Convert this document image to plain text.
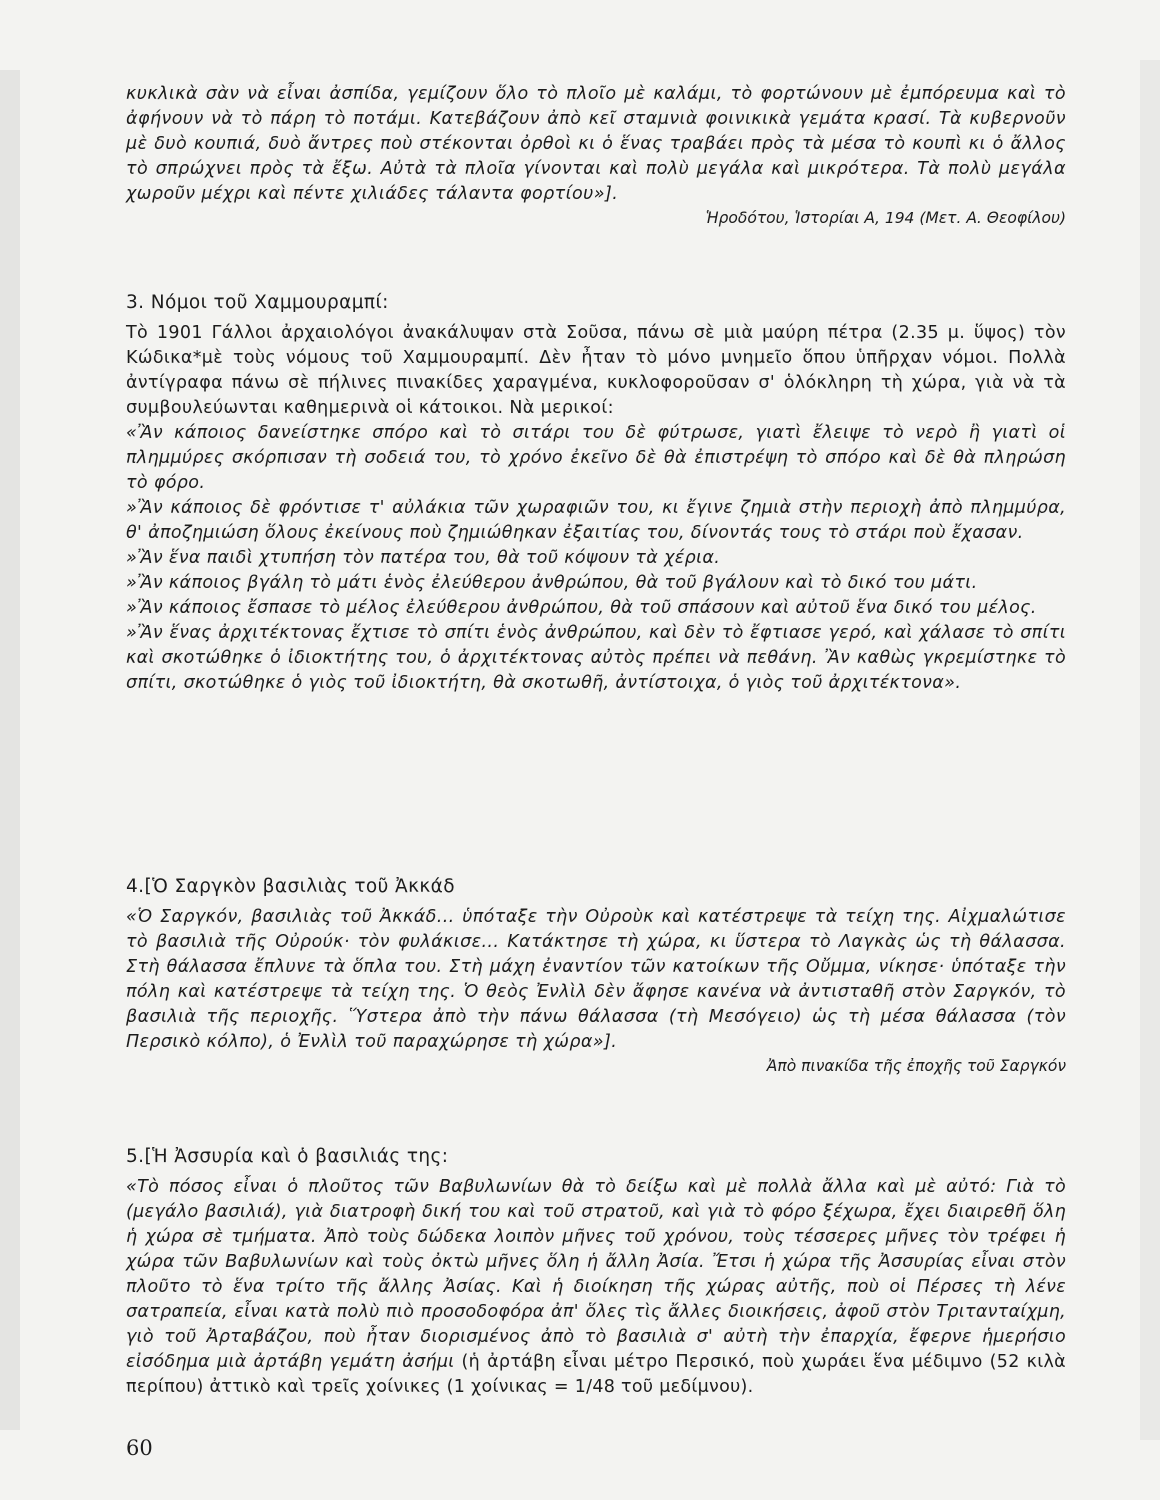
κυκλικὰ σὰν νὰ εἶναι ἀσπίδα, γεμίζουν ὅλο τὸ πλοῖο μὲ καλάμι, τὸ φορτώνουν μὲ ἐμπόρευμα καὶ τὸ ἀφήνουν νὰ τὸ πάρη τὸ ποτάμι. Κατεβάζουν ἀπὸ κεῖ σταμνιὰ φοινικικὰ γεμάτα κρασί. Τὰ κυβερνοῦν μὲ δυὸ κουπιά, δυὸ ἄντρες ποὺ στέκονται ὀρθοὶ κι ὁ ἕνας τραβάει πρὸς τὰ μέσα τὸ κουπὶ κι ὁ ἄλλος τὸ σπρώχνει πρὸς τὰ ἔξω. Αὐτὰ τὰ πλοῖα γίνονται καὶ πολὺ μεγάλα καὶ μικρότερα. Τὰ πολὺ μεγάλα χωροῦν μέχρι καὶ πέντε χιλιάδες τάλαντα φορτίου»].

Ἡροδότου, Ἱστορίαι Α, 194 (Μετ. Α. Θεοφίλου)

3. Νόμοι τοῦ Χαμμουραμπί:

Τὸ 1901 Γάλλοι ἀρχαιολόγοι ἀνακάλυψαν στὰ Σοῦσα, πάνω σὲ μιὰ μαύρη πέτρα (2.35 μ. ὕψος) τὸν Κώδικα*μὲ τοὺς νόμους τοῦ Χαμμουραμπί. Δὲν ἦταν τὸ μόνο μνημεῖο ὅπου ὑπῆρχαν νόμοι. Πολλὰ ἀντίγραφα πάνω σὲ πήλινες πινακίδες χαραγμένα, κυκλοφοροῦσαν σ' ὁλόκληρη τὴ χώρα, γιὰ νὰ τὰ συμβουλεύωνται καθημερινὰ οἱ κάτοικοι. Νὰ μερικοί:

«Ἂν κάποιος δανείστηκε σπόρο καὶ τὸ σιτάρι του δὲ φύτρωσε, γιατὶ ἔλειψε τὸ νερὸ ἢ γιατὶ οἱ πλημμύρες σκόρπισαν τὴ σοδειά του, τὸ χρόνο ἐκεῖνο δὲ θὰ ἐπιστρέψη τὸ σπόρο καὶ δὲ θὰ πληρώση τὸ φόρο.

»Ἂν κάποιος δὲ φρόντισε τ' αὐλάκια τῶν χωραφιῶν του, κι ἔγινε ζημιὰ στὴν περιοχὴ ἀπὸ πλημμύρα, θ' ἀποζημιώση ὅλους ἐκείνους ποὺ ζημιώθηκαν ἐξαιτίας του, δίνοντάς τους τὸ στάρι ποὺ ἔχασαν.

»Ἂν ἕνα παιδὶ χτυπήση τὸν πατέρα του, θὰ τοῦ κόψουν τὰ χέρια.

»Ἂν κάποιος βγάλη τὸ μάτι ἑνὸς ἐλεύθερου ἀνθρώπου, θὰ τοῦ βγάλουν καὶ τὸ δικό του μάτι.

»Ἂν κάποιος ἔσπασε τὸ μέλος ἐλεύθερου ἀνθρώπου, θὰ τοῦ σπάσουν καὶ αὐτοῦ ἕνα δικό του μέλος.

»Ἂν ἕνας ἀρχιτέκτονας ἔχτισε τὸ σπίτι ἑνὸς ἀνθρώπου, καὶ δὲν τὸ ἔφτιασε γερό, καὶ χάλασε τὸ σπίτι καὶ σκοτώθηκε ὁ ἰδιοκτήτης του, ὁ ἀρχιτέκτονας αὐτὸς πρέπει νὰ πεθάνη. Ἂν καθὼς γκρεμίστηκε τὸ σπίτι, σκοτώθηκε ὁ γιὸς τοῦ ἰδιοκτήτη, θὰ σκοτωθῆ, ἀντίστοιχα, ὁ γιὸς τοῦ ἀρχιτέκτονα».

4.[Ὁ Σαργκὸν βασιλιὰς τοῦ Ἀκκάδ

«Ὁ Σαργκόν, βασιλιὰς τοῦ Ἀκκάδ... ὑπόταξε τὴν Οὐροὺκ καὶ κατέστρεψε τὰ τείχη της. Αἰχμαλώτισε τὸ βασιλιὰ τῆς Οὐρούκ· τὸν φυλάκισε... Κατάκτησε τὴ χώρα, κι ὕστερα τὸ Λαγκὰς ὡς τὴ θάλασσα. Στὴ θάλασσα ἔπλυνε τὰ ὅπλα του. Στὴ μάχη ἐναντίον τῶν κατοίκων τῆς Οὔμμα, νίκησε· ὑπόταξε τὴν πόλη καὶ κατέστρεψε τὰ τείχη της. Ὁ θεὸς Ἐνλὶλ δὲν ἄφησε κανένα νὰ ἀντισταθῆ στὸν Σαργκόν, τὸ βασιλιὰ τῆς περιοχῆς. Ὕστερα ἀπὸ τὴν πάνω θάλασσα (τὴ Μεσόγειο) ὡς τὴ μέσα θάλασσα (τὸν Περσικὸ κόλπο), ὁ Ἐνλὶλ τοῦ παραχώρησε τὴ χώρα»].

Ἀπὸ πινακίδα τῆς ἐποχῆς τοῦ Σαργκόν

5.[Ἡ Ἀσσυρία καὶ ὁ βασιλιάς της:

«Τὸ πόσος εἶναι ὁ πλοῦτος τῶν Βαβυλωνίων θὰ τὸ δείξω καὶ μὲ πολλὰ ἄλλα καὶ μὲ αὐτό: Γιὰ τὸ (μεγάλο βασιλιά), γιὰ διατροφὴ δική του καὶ τοῦ στρατοῦ, καὶ γιὰ τὸ φόρο ξέχωρα, ἔχει διαιρεθῆ ὅλη ἡ χώρα σὲ τμήματα. Ἀπὸ τοὺς δώδεκα λοιπὸν μῆνες τοῦ χρόνου, τοὺς τέσσερες μῆνες τὸν τρέφει ἡ χώρα τῶν Βαβυλωνίων καὶ τοὺς ὀκτὼ μῆνες ὅλη ἡ ἄλλη Ἀσία. Ἔτσι ἡ χώρα τῆς Ἀσσυρίας εἶναι στὸν πλοῦτο τὸ ἕνα τρίτο τῆς ἄλλης Ἀσίας. Καὶ ἡ διοίκηση τῆς χώρας αὐτῆς, ποὺ οἱ Πέρσες τὴ λένε σατραπεία, εἶναι κατὰ πολὺ πιὸ προσοδοφόρα ἀπ' ὅλες τὶς ἄλλες διοικήσεις, ἀφοῦ στὸν Τριτανταίχμη, γιὸ τοῦ Ἀρταβάζου, ποὺ ἦταν διορισμένος ἀπὸ τὸ βασιλιὰ σ' αὐτὴ τὴν ἐπαρχία, ἔφερνε ἡμερήσιο εἰσόδημα μιὰ ἀρτάβη γεμάτη ἀσήμι (ἡ ἀρτάβη εἶναι μέτρο Περσικό, ποὺ χωράει ἕνα μέδιμνο (52 κιλὰ περίπου) ἀττικὸ καὶ τρεῖς χοίνικες (1 χοίνικας = 1/48 τοῦ μεδίμνου).

60
